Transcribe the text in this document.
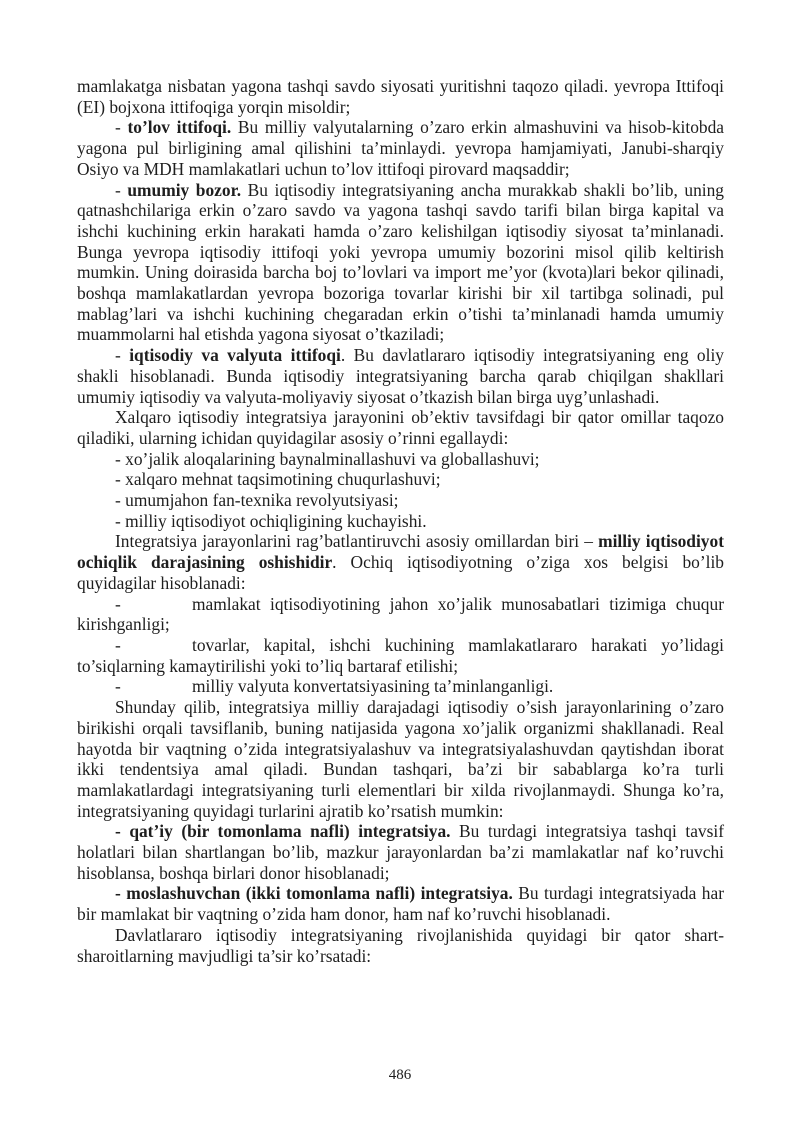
mamlakatga nisbatan yagona tashqi savdo siyosati yuritishni taqozo qiladi. yevropa Ittifoqi (EI) bojxona ittifoqiga yorqin misoldir;

- to’lov ittifoqi. Bu milliy valyutalarning o’zaro erkin almashuvini va hisob-kitobda yagona pul birligining amal qilishini ta’minlaydi. yevropa hamjamiyati, Janubi-sharqiy Osiyo va MDH mamlakatlari uchun to’lov ittifoqi pirovard maqsaddir;

- umumiy bozor. Bu iqtisodiy integratsiyaning ancha murakkab shakli bo’lib, uning qatnashchilariga erkin o’zaro savdo va yagona tashqi savdo tarifi bilan birga kapital va ishchi kuchining erkin harakati hamda o’zaro kelishilgan iqtisodiy siyosat ta’minlanadi. Bunga yevropa iqtisodiy ittifoqi yoki yevropa umumiy bozorini misol qilib keltirish mumkin. Uning doirasida barcha boj to’lovlari va import me’yor (kvota)lari bekor qilinadi, boshqa mamlakatlardan yevropa bozoriga tovarlar kirishi bir xil tartibga solinadi, pul mablag’lari va ishchi kuchining chegaradan erkin o’tishi ta’minlanadi hamda umumiy muammolarni hal etishda yagona siyosat o’tkaziladi;

- iqtisodiy va valyuta ittifoqi. Bu davlatlararo iqtisodiy integratsiyaning eng oliy shakli hisoblanadi. Bunda iqtisodiy integratsiyaning barcha qarab chiqilgan shakllari umumiy iqtisodiy va valyuta-moliyaviy siyosat o’tkazish bilan birga uyg’unlashadi.

Xalqaro iqtisodiy integratsiya jarayonini ob’ektiv tavsifdagi bir qator omillar taqozo qiladiki, ularning ichidan quyidagilar asosiy o’rinni egallaydi:

- xo’jalik aloqalarining baynalminallashuvi va globallashuvi;

- xalqaro mehnat taqsimotining chuqurlashuvi;

- umumjahon fan-texnika revolyutsiyasi;

- milliy iqtisodiyot ochiqligining kuchayishi.

Integratsiya jarayonlarini rag’batlantiruvchi asosiy omillardan biri – milliy iqtisodiyot ochiqlik darajasining oshishidir. Ochiq iqtisodiyotning o’ziga xos belgisi bo’lib quyidagilar hisoblanadi:

-	mamlakat iqtisodiyotining jahon xo’jalik munosabatlari tizimiga chuqur kirishganligi;

-	tovarlar, kapital, ishchi kuchining mamlakatlararo harakati yo’lidagi to’siqlarning kamaytirilishi yoki to’liq bartaraf etilishi;

-	milliy valyuta konvertatsiyasining ta’minlanganligi.

Shunday qilib, integratsiya milliy darajadagi iqtisodiy o’sish jarayonlarining o’zaro birikishi orqali tavsiflanib, buning natijasida yagona xo’jalik organizmi shakllanadi. Real hayotda bir vaqtning o’zida integratsiyalashuv va integratsiyalashuvdan qaytishdan iborat ikki tendentsiya amal qiladi. Bundan tashqari, ba’zi bir sabablarga ko’ra turli mamlakatlardagi integratsiyaning turli elementlari bir xilda rivojlanmaydi. Shunga ko’ra, integratsiyaning quyidagi turlarini ajratib ko’rsatish mumkin:

- qat’iy (bir tomonlama nafli) integratsiya. Bu turdagi integratsiya tashqi tavsif holatlari bilan shartlangan bo’lib, mazkur jarayonlardan ba’zi mamlakatlar naf ko’ruvchi hisoblansa, boshqa birlari donor hisoblanadi;

- moslashuvchan (ikki tomonlama nafli) integratsiya. Bu turdagi integratsiyada har bir mamlakat bir vaqtning o’zida ham donor, ham naf ko’ruvchi hisoblanadi.

Davlatlararo iqtisodiy integratsiyaning rivojlanishida quyidagi bir qator shart-sharoitlarning mavjudligi ta’sir ko’rsatadi:

486
